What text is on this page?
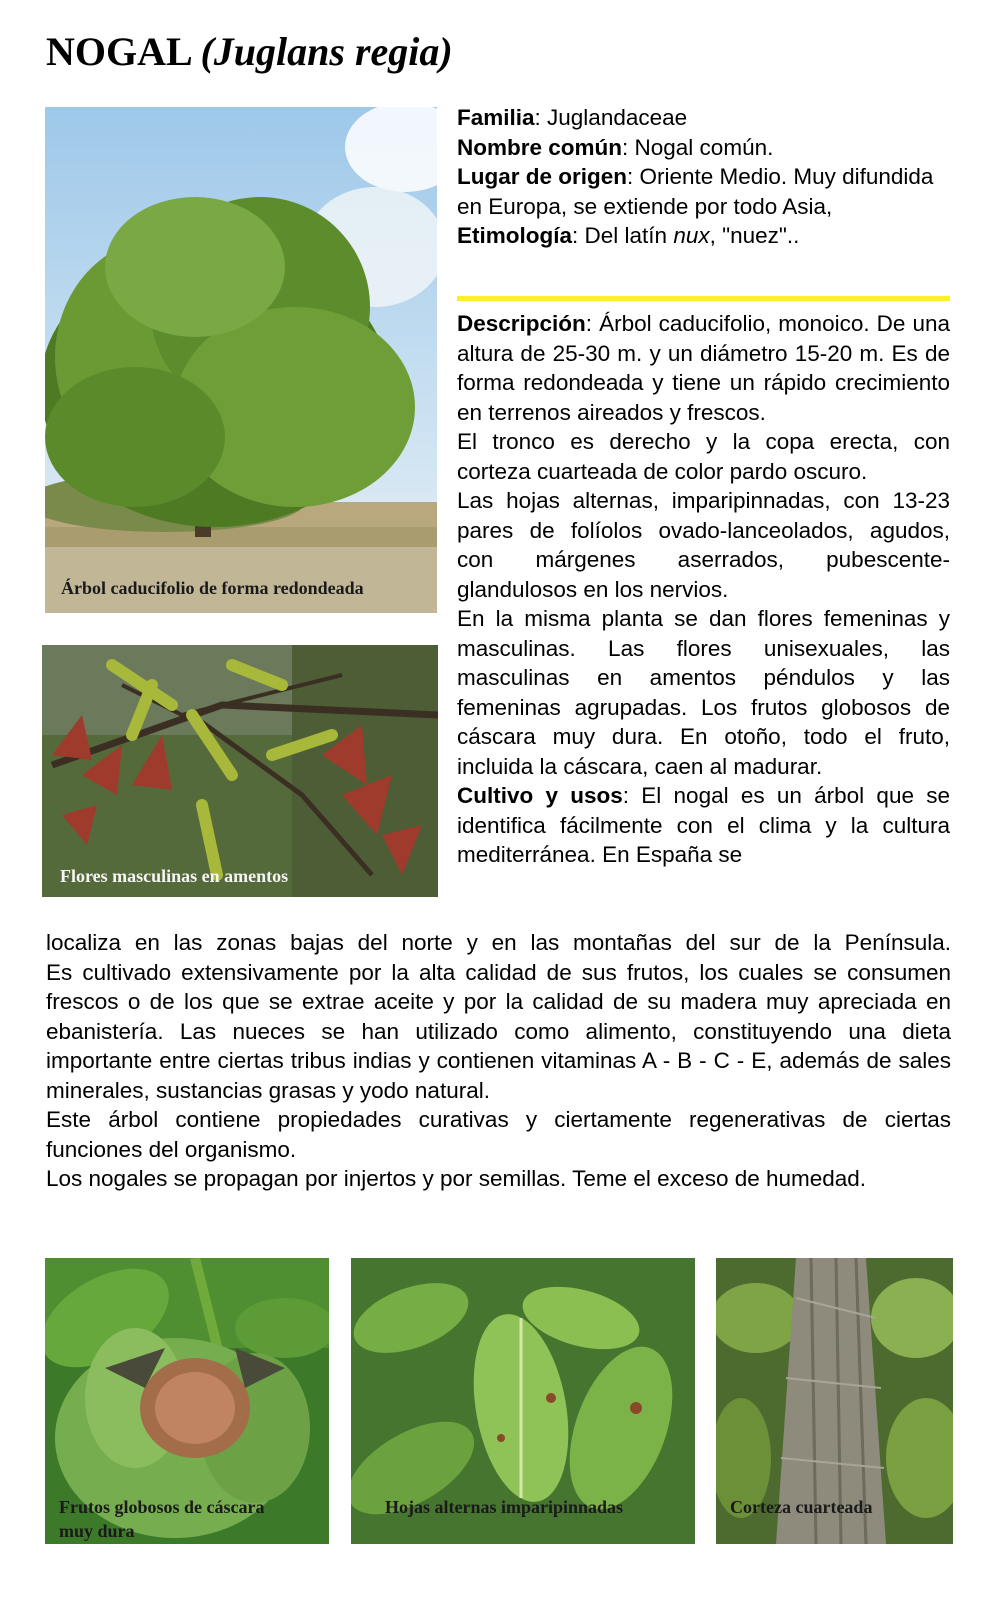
NOGAL (Juglans regia)
Árbol caducifolio de forma redondeada
Flores masculinas en amentos

Familia: Juglandaceae

Nombre común: Nogal común.

Lugar de origen: Oriente Medio. Muy difundida en Europa, se extiende por todo Asia,

Etimología: Del latín nux, "nuez"..

Descripción: Árbol caducifolio, monoico. De una altura de 25-30 m. y un diámetro 15-20 m. Es de forma redondeada y tiene un rápido crecimiento en terrenos aireados y frescos.

El tronco es derecho y la copa erecta, con corteza cuarteada de color pardo oscuro.

Las hojas alternas, imparipinnadas, con 13-23 pares de folíolos ovado-lanceolados, agudos, con márgenes aserrados, pubescente-glandulosos en los nervios.

En la misma planta se dan flores femeninas y masculinas. Las flores unisexuales, las masculinas en amentos péndulos y las femeninas agrupadas. Los frutos globosos de cáscara muy dura. En otoño, todo el fruto, incluida la cáscara, caen al madurar.

Cultivo y usos: El nogal es un árbol que se identifica fácilmente con el clima y la cultura mediterránea. En España se

localiza en las zonas bajas del norte y en las montañas del sur de la Península.

Es cultivado extensivamente por la alta calidad de sus frutos, los cuales se consumen frescos o de los que se extrae aceite y por la calidad de su madera muy apreciada en ebanistería. Las nueces se han utilizado como alimento, constituyendo una dieta importante entre ciertas tribus indias y contienen vitaminas A - B - C - E, además de sales minerales, sustancias grasas y yodo natural.

Este árbol contiene propiedades curativas y ciertamente regenerativas de ciertas funciones del organismo.

Los nogales se propagan por injertos y por semillas. Teme el exceso de humedad.

Frutos globosos de cáscara
muy dura
Hojas alternas imparipinnadas	Corteza cuarteada
